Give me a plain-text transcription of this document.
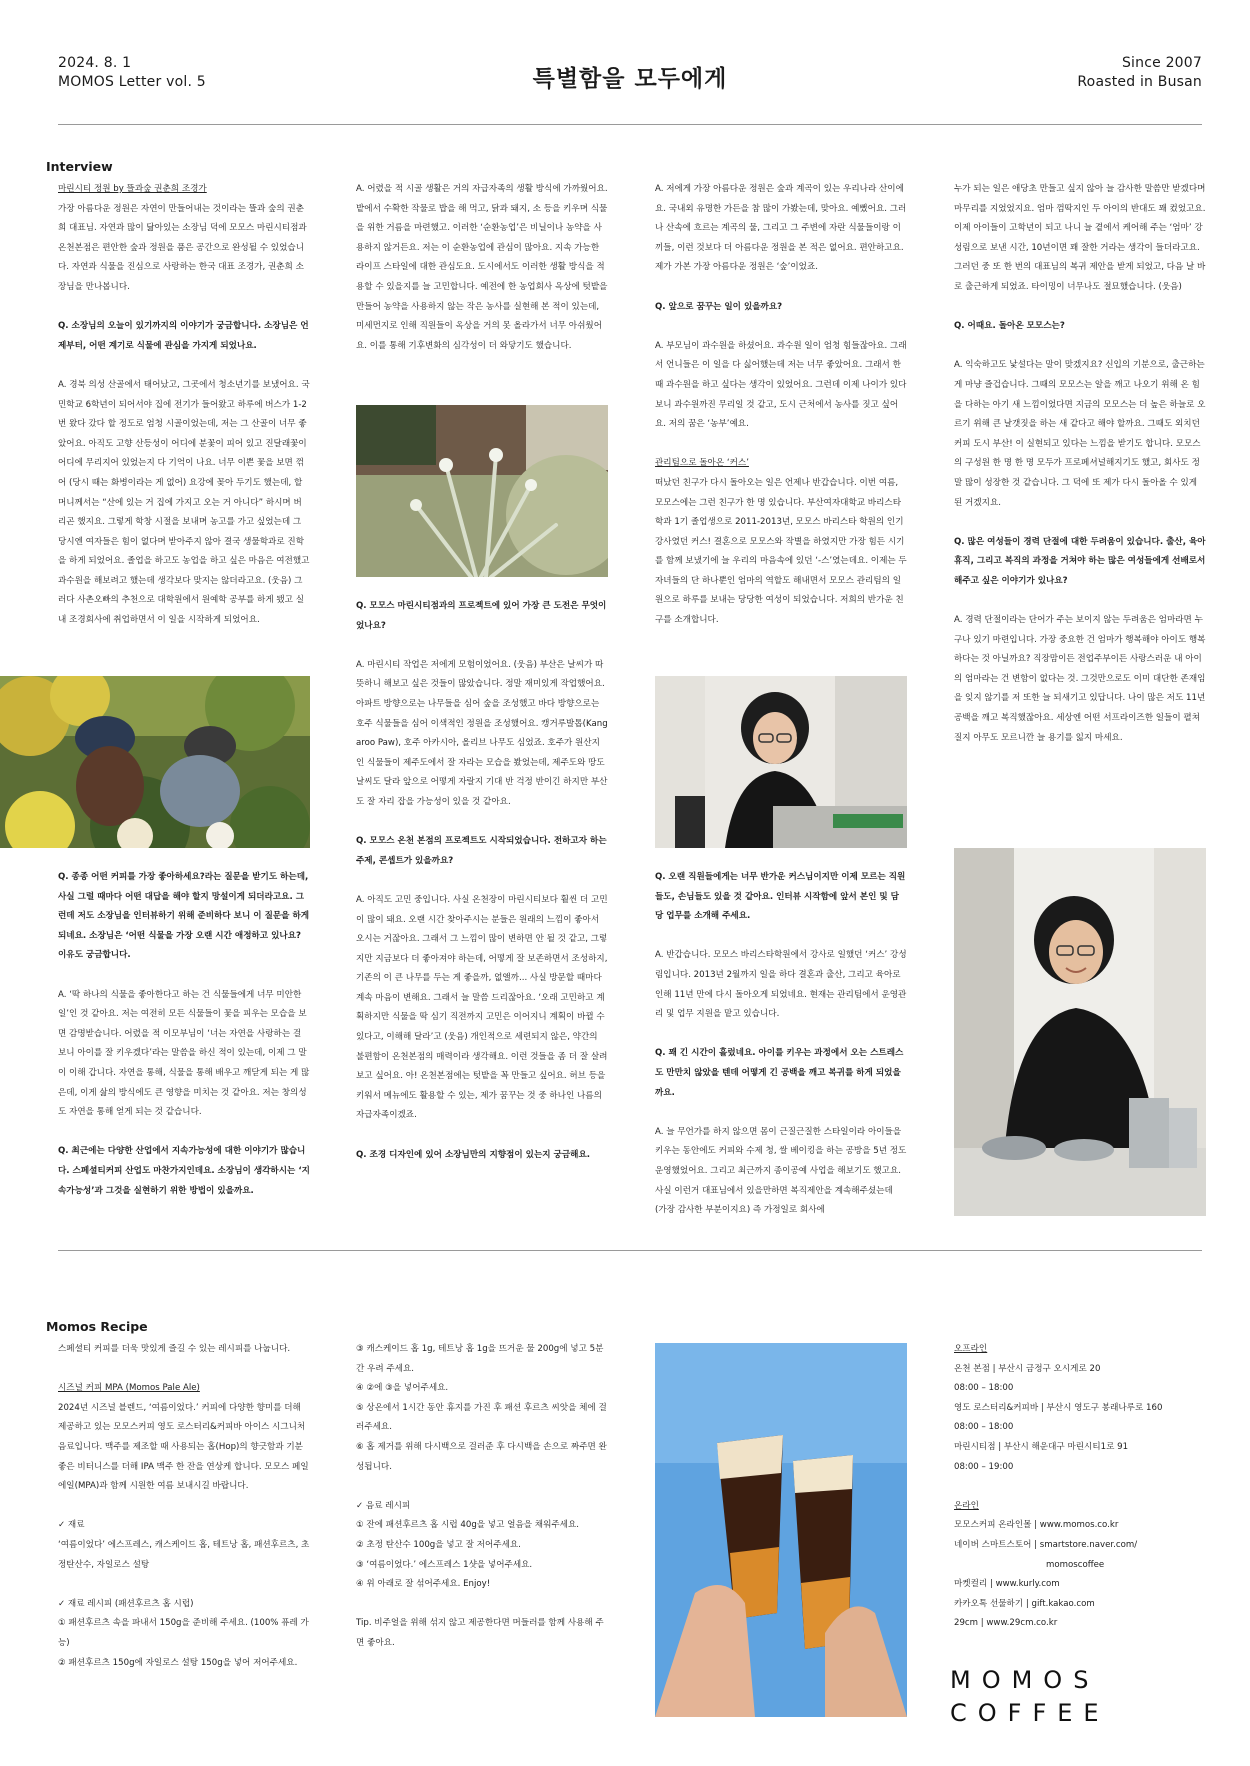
2024. 8. 1
MOMOS Letter vol. 5	특별함을 모두에게
Since 2007
Roasted in Busan
Interview

마린시티 정원 by 뜰과숲 권춘희 조경가
가장 아름다운 정원은 자연이 만들어내는 것이라는 뜰과 숲의 권춘희 대표님. 자연과 많이 닮아있는 소장님 덕에 모모스 마린시티점과 온천본점은 편안한 숲과 정원을 품은 공간으로 완성될 수 있었습니다. 자연과 식물을 진심으로 사랑하는 한국 대표 조경가, 권춘희 소장님을 만나봅니다.

Q. 소장님의 오늘이 있기까지의 이야기가 궁금합니다. 소장님은 언제부터, 어떤 계기로 식물에 관심을 가지게 되었나요.

A. 경북 의성 산골에서 태어났고, 그곳에서 청소년기를 보냈어요. 국민학교 6학년이 되어서야 집에 전기가 들어왔고 하루에 버스가 1-2번 왔다 갔다 할 정도로 엄청 시골이었는데, 저는 그 산골이 너무 좋았어요. 아직도 고향 산등성이 어디에 분꽃이 피어 있고 진달래꽃이 어디에 무리지어 있었는지 다 기억이 나요. 너무 이쁜 꽃을 보면 꺾어 (당시 때는 화병이라는 게 없어) 요강에 꽂아 두기도 했는데, 할머니께서는 “산에 있는 거 집에 가지고 오는 거 아니다” 하시며 버리곤 했지요. 그렇게 학창 시절을 보내며 농고를 가고 싶었는데 그 당시엔 여자들은 힘이 없다며 받아주지 않아 결국 생물학과로 진학을 하게 되었어요. 졸업을 하고도 농업을 하고 싶은 마음은 여전했고 과수원을 해보려고 했는데 생각보다 맞지는 않더라고요. (웃음) 그러다 사촌오빠의 추천으로 대학원에서 원예학 공부를 하게 됐고 실내 조경회사에 취업하면서 이 일을 시작하게 되었어요.

Q. 종종 어떤 커피를 가장 좋아하세요?라는 질문을 받기도 하는데, 사실 그럴 때마다 어떤 대답을 해야 할지 망설이게 되더라고요. 그런데 저도 소장님을 인터뷰하기 위해 준비하다 보니 이 질문을 하게 되네요. 소장님은 ‘어떤 식물을 가장 오랜 시간 애정하고 있나요? 이유도 궁금합니다.

A. ‘딱 하나의 식물을 좋아한다고 하는 건 식물들에게 너무 미안한 일’인 것 같아요. 저는 여전히 모든 식물들이 꽃을 피우는 모습을 보면 감명받습니다. 어렸을 적 이모부님이 ‘너는 자연을 사랑하는 걸 보니 아이를 잘 키우겠다’라는 말씀을 하신 적이 있는데, 이제 그 말이 이해 갑니다. 자연을 통해, 식물을 통해 배우고 깨닫게 되는 게 많은데, 이게 삶의 방식에도 큰 영향을 미치는 것 같아요. 저는 창의성도 자연을 통해 얻게 되는 것 같습니다.

Q. 최근에는 다양한 산업에서 지속가능성에 대한 이야기가 많습니다. 스페셜티커피 산업도 마찬가지인데요. 소장님이 생각하시는 ‘지속가능성’과 그것을 실현하기 위한 방법이 있을까요.

A. 어렸을 적 시골 생활은 거의 자급자족의 생활 방식에 가까웠어요. 밭에서 수확한 작물로 밥을 해 먹고, 닭과 돼지, 소 등을 키우며 식물을 위한 거름을 마련했고. 이러한 ‘순환농업’은 비닐이나 농약을 사용하지 않거든요. 저는 이 순환농업에 관심이 많아요. 지속 가능한 라이프 스타일에 대한 관심도요. 도시에서도 이러한 생활 방식을 적용할 수 있을지를 늘 고민합니다. 예전에 한 농업회사 옥상에 텃밭을 만들어 농약을 사용하지 않는 작은 농사를 실현해 본 적이 있는데, 미세먼지로 인해 직원들이 옥상을 거의 못 올라가서 너무 아쉬웠어요. 이를 통해 기후변화의 심각성이 더 와닿기도 했습니다.

Q. 모모스 마린시티점과의 프로젝트에 있어 가장 큰 도전은 무엇이었나요?

A. 마린시티 작업은 저에게 모험이었어요. (웃음) 부산은 날씨가 따뜻하니 해보고 싶은 것들이 많았습니다. 정말 재미있게 작업했어요. 아파트 방향으로는 나무들을 심어 숲을 조성했고 바다 방향으로는 호주 식물들을 심어 이색적인 정원을 조성했어요. 캥거루발톱(Kangaroo Paw), 호주 아카시아, 올리브 나무도 심었죠. 호주가 원산지인 식물들이 제주도에서 잘 자라는 모습을 봤었는데, 제주도와 땅도 날씨도 달라 앞으로 어떻게 자랄지 기대 반 걱정 반이긴 하지만 부산도 잘 자리 잡을 가능성이 있을 것 같아요.

Q. 모모스 온천 본점의 프로젝트도 시작되었습니다. 전하고자 하는 주제, 콘셉트가 있을까요?

A. 아직도 고민 중입니다. 사실 온천장이 마린시티보다 훨씬 더 고민이 많이 돼요. 오랜 시간 찾아주시는 분들은 원래의 느낌이 좋아서 오시는 거잖아요. 그래서 그 느낌이 많이 변하면 안 될 것 같고, 그렇지만 지금보다 더 좋아져야 하는데, 어떻게 잘 보존하면서 조성하지, 기존의 이 큰 나무를 두는 게 좋을까, 없앨까... 사실 방문할 때마다 계속 마음이 변해요. 그래서 늘 말씀 드리잖아요. ‘오래 고민하고 계획하지만 식물을 딱 심기 직전까지 고민은 이어지니 계획이 바뀔 수 있다고, 이해해 달라’고 (웃음) 개인적으로 세련되지 않은, 약간의 불편함이 온천본점의 매력이라 생각해요. 이런 것들을 좀 더 잘 살려보고 싶어요. 아! 온천본점에는 텃밭을 꼭 만들고 싶어요. 허브 등을 키워서 메뉴에도 활용할 수 있는, 제가 꿈꾸는 것 중 하나인 나름의 자급자족이겠죠.

Q. 조경 디자인에 있어 소장님만의 지향점이 있는지 궁금해요.

A. 저에게 가장 아름다운 정원은 숲과 계곡이 있는 우리나라 산이에요. 국내외 유명한 가든을 참 많이 가봤는데, 맞아요. 예뻤어요. 그러나 산속에 흐르는 계곡의 물, 그리고 그 주변에 자란 식물들이랑 이끼들, 이런 것보다 더 아름다운 정원을 본 적은 없어요. 편안하고요. 제가 가본 가장 아름다운 정원은 ‘숲’이었죠.

Q. 앞으로 꿈꾸는 일이 있을까요?

A. 부모님이 과수원을 하셨어요. 과수원 일이 엄청 힘들잖아요. 그래서 언니들은 이 일을 다 싫어했는데 저는 너무 좋았어요. 그래서 한때 과수원을 하고 싶다는 생각이 있었어요. 그런데 이제 나이가 있다 보니 과수원까진 무리일 것 같고, 도시 근처에서 농사를 짓고 싶어요. 저의 꿈은 ‘농부’예요.

관리팀으로 돌아온 ‘커스’
떠났던 친구가 다시 돌아오는 일은 언제나 반갑습니다. 이번 여름, 모모스에는 그런 친구가 한 명 있습니다. 부산여자대학교 바리스타 학과 1기 졸업생으로 2011-2013년, 모모스 바리스타 학원의 인기 강사였던 커스! 결혼으로 모모스와 작별을 하였지만 가장 힘든 시기를 함께 보냈기에 늘 우리의 마음속에 있던 ‘-스’였는데요. 이제는 두 자녀들의 단 하나뿐인 엄마의 역할도 해내면서 모모스 관리팀의 일원으로 하루를 보내는 당당한 여성이 되었습니다. 저희의 반가운 친구를 소개합니다.

Q. 오랜 직원들에게는 너무 반가운 커스님이지만 이제 모르는 직원들도, 손님들도 있을 것 같아요. 인터뷰 시작함에 앞서 본인 및 담당 업무를 소개해 주세요.

A. 반갑습니다. 모모스 바리스타학원에서 강사로 일했던 ‘커스’ 강성림입니다. 2013년 2월까지 일을 하다 결혼과 출산, 그리고 육아로 인해 11년 만에 다시 돌아오게 되었네요. 현재는 관리팀에서 운영관리 및 업무 지원을 맡고 있습니다.

Q. 꽤 긴 시간이 흘렀네요. 아이를 키우는 과정에서 오는 스트레스도 만만치 않았을 텐데 어떻게 긴 공백을 깨고 복귀를 하게 되었을까요.

A. 늘 무언가를 하지 않으면 몸이 근질근질한 스타일이라 아이들을 키우는 동안에도 커피와 수제 청, 쌀 베이킹을 하는 공방을 5년 정도 운영했었어요. 그리고 최근까지 종이공예 사업을 해보기도 했고요. 사실 이런거 대표님에서 있을만하면 복직제안을 계속해주셨는데 (가장 감사한 부분이지요) 즉 가정일로 회사에

누가 되는 일은 애당초 만들고 싶지 않아 늘 감사한 말씀만 받겠다며 마무리를 지었었지요. 엄마 껌딱지인 두 아이의 반대도 꽤 컸었고요. 이제 아이들이 고학년이 되고 나니 늘 곁에서 케어해 주는 ‘엄마’ 강성림으로 보낸 시간, 10년이면 꽤 잘한 거라는 생각이 들더라고요. 그러던 중 또 한 번의 대표님의 복귀 제안을 받게 되었고, 다음 날 바로 출근하게 되었죠. 타이밍이 너무나도 절묘했습니다. (웃음)

Q. 어때요. 돌아온 모모스는?

A. 익숙하고도 낯설다는 말이 맞겠지요? 신입의 기분으로, 출근하는 게 마냥 즐겁습니다. 그때의 모모스는 알을 깨고 나오기 위해 온 힘을 다하는 아기 새 느낌이었다면 지금의 모모스는 더 높은 하늘로 오르기 위해 큰 날갯짓을 하는 새 같다고 해야 할까요. 그때도 외치던 커피 도시 부산! 이 실현되고 있다는 느낌을 받기도 합니다. 모모스의 구성원 한 명 한 명 모두가 프로페셔널해지기도 했고, 회사도 정말 많이 성장한 것 같습니다. 그 덕에 또 제가 다시 돌아올 수 있게 된 거겠지요.

Q. 많은 여성들이 경력 단절에 대한 두려움이 있습니다. 출산, 육아휴직, 그리고 복직의 과정을 거쳐야 하는 많은 여성들에게 선배로서 해주고 싶은 이야기가 있나요?

A. 경력 단절이라는 단어가 주는 보이지 않는 두려움은 엄마라면 누구나 있기 마련입니다. 가장 중요한 건 엄마가 행복해야 아이도 행복하다는 것 아닐까요? 직장맘이든 전업주부이든 사랑스러운 내 아이의 엄마라는 건 변함이 없다는 것. 그것만으로도 이미 대단한 존재임을 잊지 않기를 저 또한 늘 되새기고 있답니다. 나이 많은 저도 11년 공백을 깨고 복직했잖아요. 세상엔 어떤 서프라이즈한 일들이 펼쳐질지 아무도 모르니깐 늘 용기를 잃지 마세요.

Momos Recipe

스페셜티 커피를 더욱 맛있게 즐길 수 있는 레시피를 나눕니다.

시즈널 커피 MPA (Momos Pale Ale)
2024년 시즈널 블렌드, ‘여름이었다.’ 커피에 다양한 향미를 더해 제공하고 있는 모모스커피 영도 로스터리&커피바 아이스 시그니처 음료입니다. 맥주를 제조할 때 사용되는 홉(Hop)의 향긋함과 기분 좋은 비터니스를 더해 IPA 맥주 한 잔을 연상케 합니다. 모모스 페일 에일(MPA)과 함께 시원한 여름 보내시길 바랍니다.

✓ 재료
‘여름이었다’ 에스프레스, 캐스케이드 홉, 테트낭 홉, 패션후르츠, 초정탄산수, 자일로스 설탕

✓ 재료 레시피 (패션후르츠 홉 시럽)
① 패션후르츠 속을 파내서 150g을 준비해 주세요. (100% 퓨레 가능)
② 패션후르츠 150g에 자일로스 설탕 150g을 넣어 저어주세요.

③ 캐스케이드 홉 1g, 테트낭 홉 1g을 뜨거운 물 200g에 넣고 5분간 우려 주세요.
④ ②에 ③을 넣어주세요.
⑤ 상온에서 1시간 동안 휴지를 가진 후 패션 후르츠 씨앗을 체에 걸러주세요.
⑥ 홉 제거를 위해 다시백으로 걸러준 후 다시백을 손으로 짜주면 완성됩니다.

✓ 음료 레시피
① 잔에 패션후르츠 홉 시럽 40g을 넣고 얼음을 채워주세요.
② 초정 탄산수 100g을 넣고 잘 저어주세요.
③ ‘여름이었다.’ 에스프레스 1샷을 넣어주세요.
④ 위 아래로 잘 섞어주세요. Enjoy!

Tip. 비주얼을 위해 섞지 않고 제공한다면 머들러를 함께 사용해 주면 좋아요.

오프라인
온천 본점 | 부산시 금정구 오시게로 20
08:00 – 18:00
영도 로스터리&커피바 | 부산시 영도구 봉래나루로 160
08:00 – 18:00
마린시티점 | 부산시 해운대구 마린시티1로 91
08:00 – 19:00

온라인
모모스커피 온라인몰 | www.momos.co.kr
네이버 스마트스토어 | smartstore.naver.com/
momoscoffee
마켓컬리 | www.kurly.com
카카오톡 선물하기 | gift.kakao.com
29cm | www.29cm.co.kr

MOMOS
COFFEE
